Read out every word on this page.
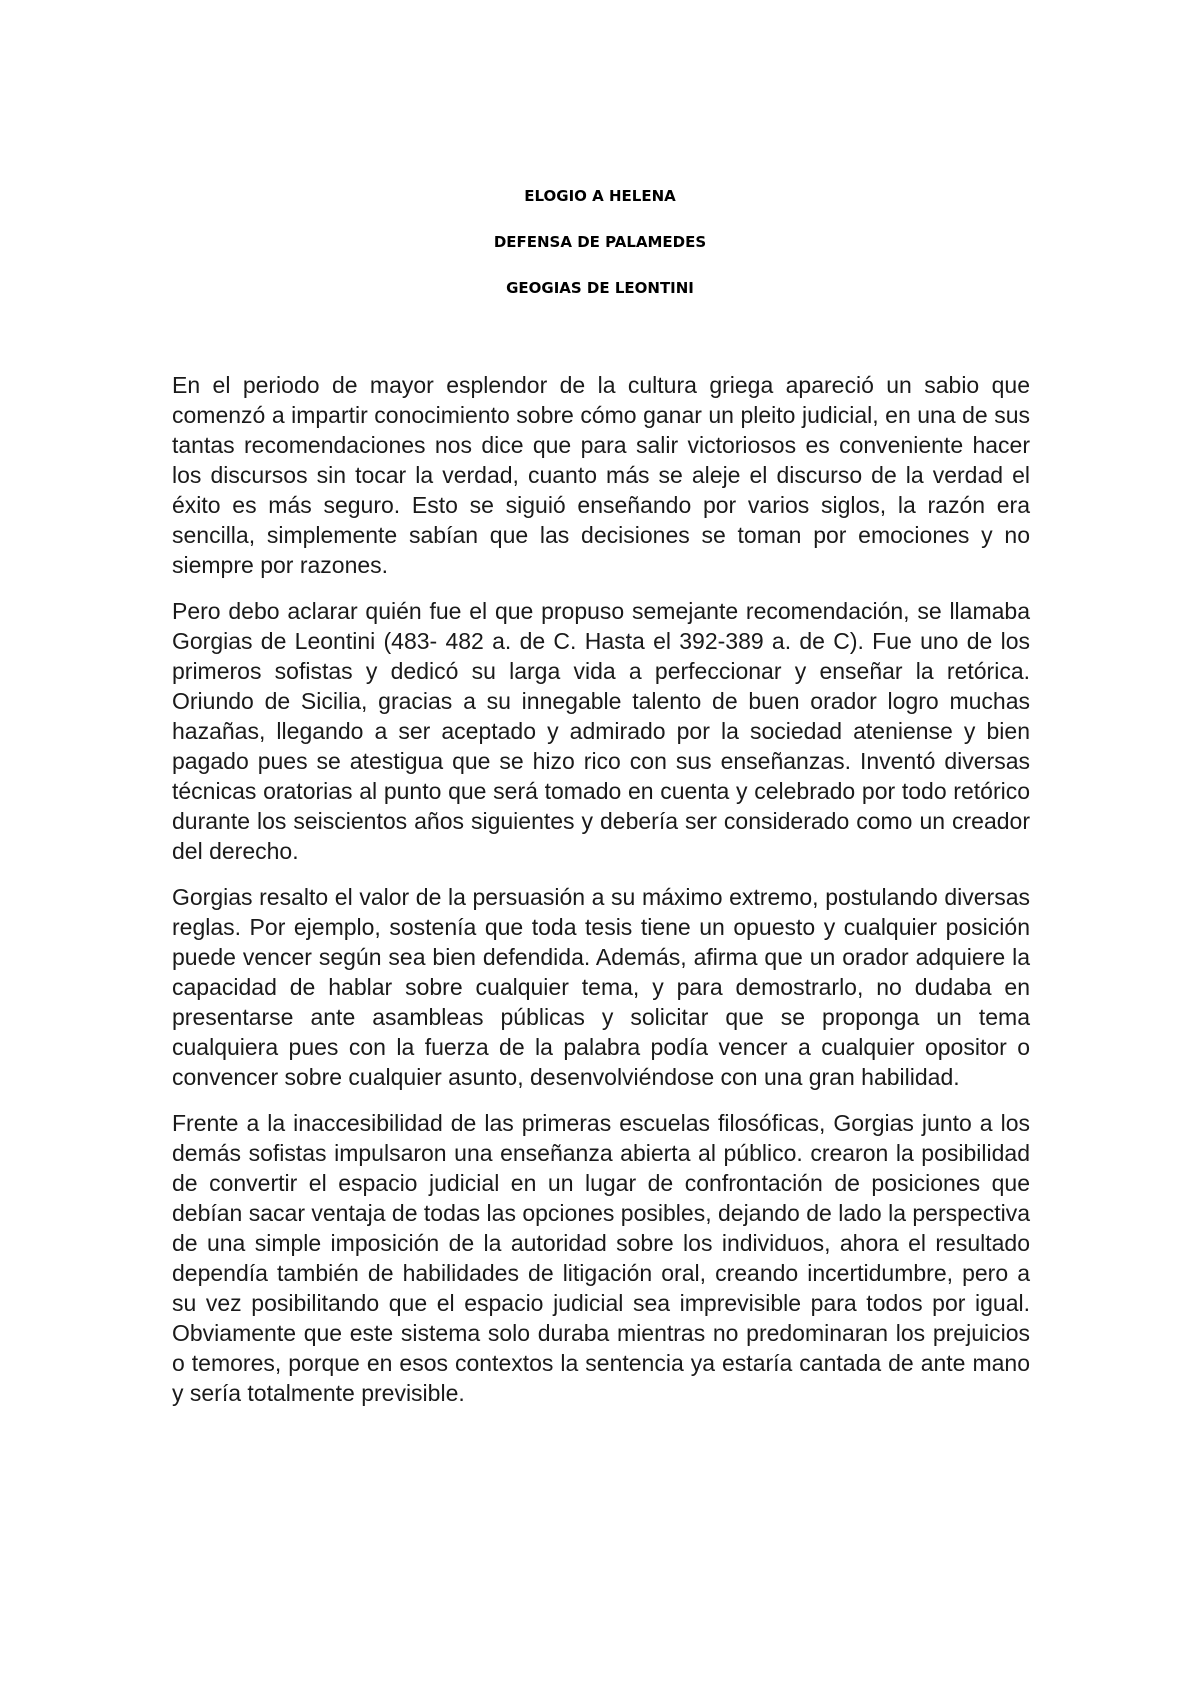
ELOGIO A HELENA

DEFENSA DE PALAMEDES

GEOGIAS DE LEONTINI

En el periodo de mayor esplendor de la cultura griega apareció un sabio que comenzó a impartir conocimiento sobre cómo ganar un pleito judicial, en una de sus tantas recomendaciones nos dice que para salir victoriosos es conveniente hacer los discursos sin tocar la verdad, cuanto más se aleje el discurso de la verdad el éxito es más seguro. Esto se siguió enseñando por varios siglos, la razón era sencilla, simplemente sabían que las decisiones se toman por emociones y no siempre por razones.

Pero debo aclarar quién fue el que propuso semejante recomendación, se llamaba Gorgias de Leontini (483- 482 a. de C. Hasta el 392-389 a. de C). Fue uno de los primeros sofistas y dedicó su larga vida a perfeccionar y enseñar la retórica. Oriundo de Sicilia, gracias a su innegable talento de buen orador logro muchas hazañas, llegando a ser aceptado y admirado por la sociedad ateniense y bien pagado pues se atestigua que se hizo rico con sus enseñanzas. Inventó diversas técnicas oratorias al punto que será tomado en cuenta y celebrado por todo retórico durante los seiscientos años siguientes y debería ser considerado como un creador del derecho.

Gorgias resalto el valor de la persuasión a su máximo extremo, postulando diversas reglas. Por ejemplo, sostenía que toda tesis tiene un opuesto y cualquier posición puede vencer según sea bien defendida. Además, afirma que un orador adquiere la capacidad de hablar sobre cualquier tema, y para demostrarlo, no dudaba en presentarse ante asambleas públicas y solicitar que se proponga un tema cualquiera pues con la fuerza de la palabra podía vencer a cualquier opositor o convencer sobre cualquier asunto, desenvolviéndose con una gran habilidad.

Frente a la inaccesibilidad de las primeras escuelas filosóficas, Gorgias junto a los demás sofistas impulsaron una enseñanza abierta al público. crearon la posibilidad de convertir el espacio judicial en un lugar de confrontación de posiciones que debían sacar ventaja de todas las opciones posibles, dejando de lado la perspectiva de una simple imposición de la autoridad sobre los individuos, ahora el resultado dependía también de habilidades de litigación oral, creando incertidumbre, pero a su vez posibilitando que el espacio judicial sea imprevisible para todos por igual. Obviamente que este sistema solo duraba mientras no predominaran los prejuicios o temores, porque en esos contextos la sentencia ya estaría cantada de ante mano y sería totalmente previsible.
